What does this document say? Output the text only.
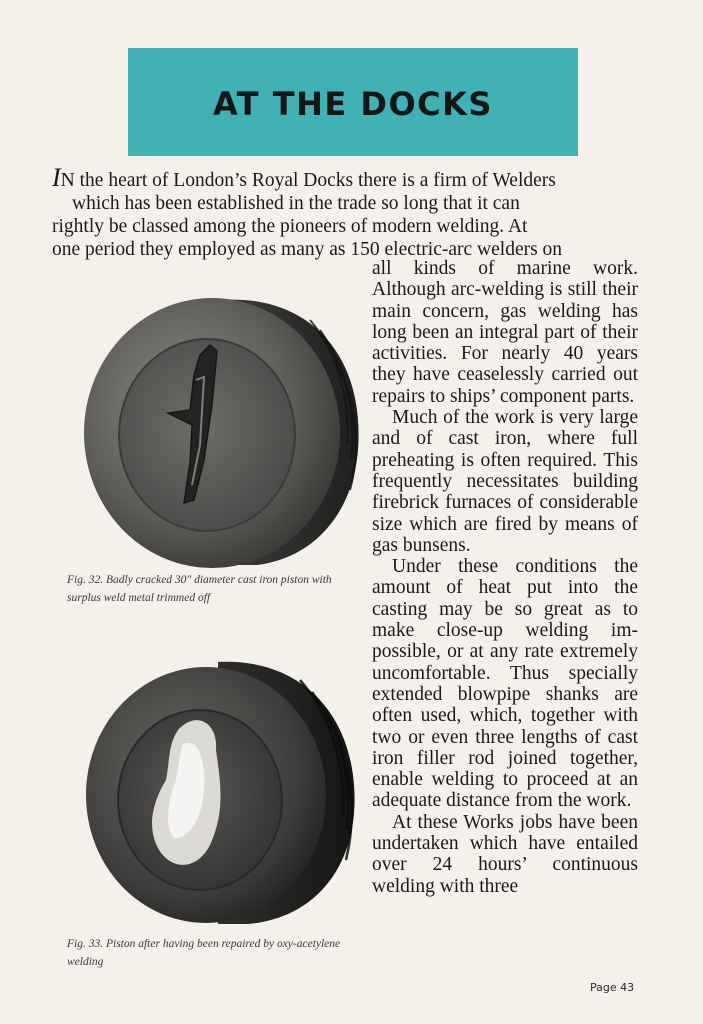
AT THE DOCKS
IN the heart of London’s Royal Docks there is a firm of Welders
which has been established in the trade so long that it can
rightly be classed among the pioneers of modern welding. At
one period they employed as many as 150 electric-arc welders on

all kinds of marine work. Although arc-welding is still their main concern, gas welding has long been an integral part of their activities. For nearly 40 years they have ceaselessly carried out repairs to ships’ component parts.

Much of the work is very large and of cast iron, where full preheating is often required. This frequently necessitates building firebrick furnaces of considerable size which are fired by means of gas bunsens.

Under these conditions the amount of heat put into the casting may be so great as to make close-up welding impossible, or at any rate extremely uncomfortable. Thus specially extended blowpipe shanks are often used, which, together with two or even three lengths of cast iron filler rod joined together, enable welding to proceed at an adequate distance from the work.

At these Works jobs have been undertaken which have entailed over 24 hours’ continuous welding with three

Fig. 32. Badly cracked 30″ diameter cast iron piston with surplus weld metal trimmed off
Fig. 33. Piston after having been repaired by oxy-acetylene welding
Page 43
